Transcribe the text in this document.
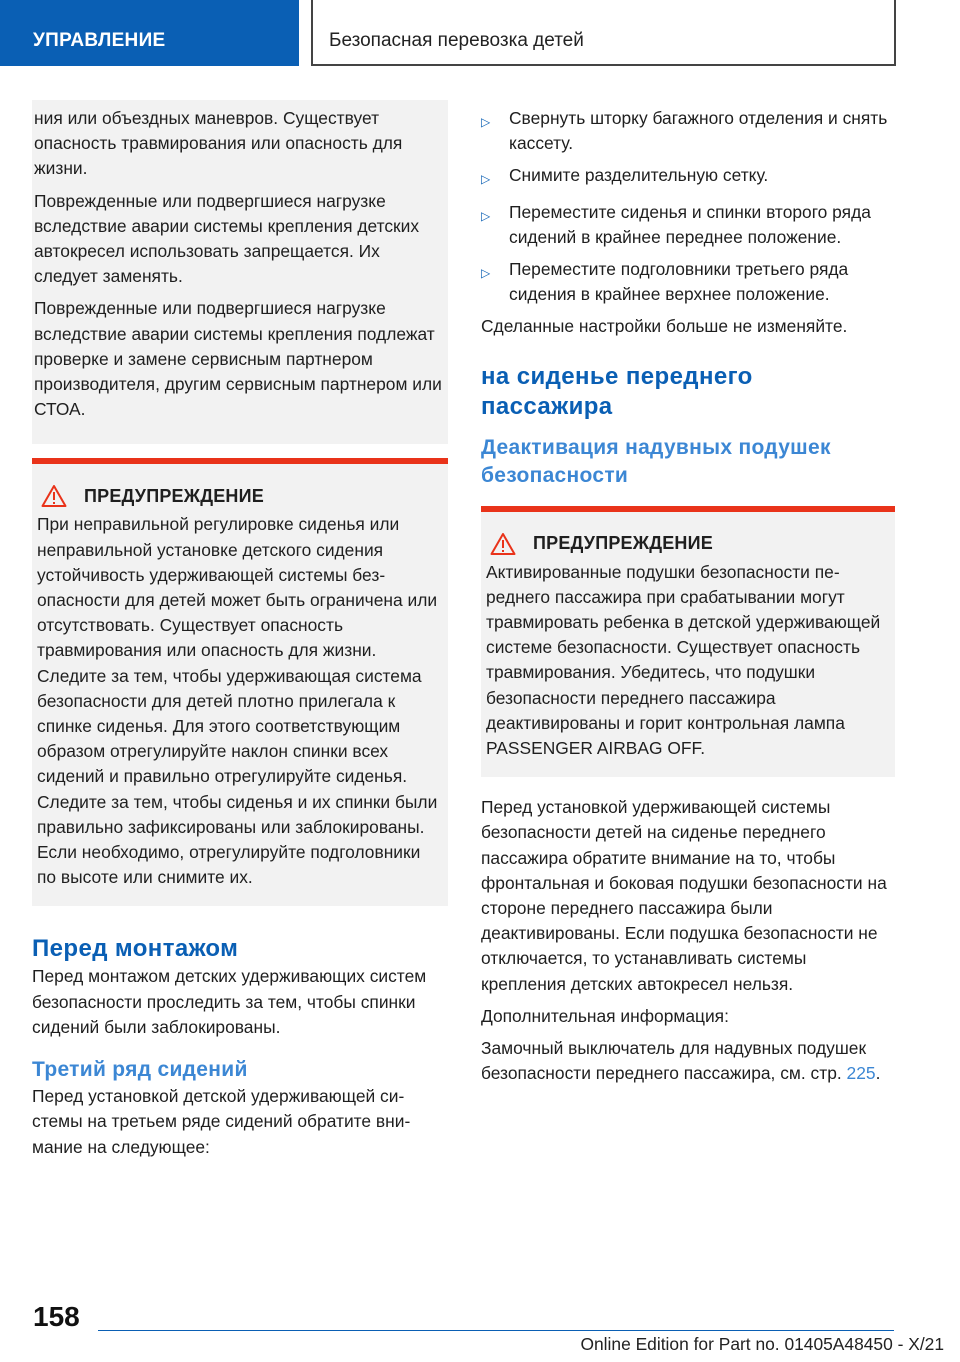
УПРАВЛЕНИЕ	Безопасная перевозка детей

ния или объездных маневров. Существует опасность травмирования или опасность для жизни.

Поврежденные или подвергшиеся нагрузке вследствие аварии системы крепления детских автокресел использовать запрещается. Их следует заменять.

Поврежденные или подвергшиеся нагрузке вследствие аварии системы крепления подлежат проверке и замене сервисным партнером производителя, другим сервисным партнером или СТОА.

ПРЕДУПРЕЖДЕНИЕ

При неправильной регулировке сиденья или неправильной установке детского сидения устойчивость удерживающей системы безопасности для детей может быть ограничена или отсутствовать. Существует опасность травмирования или опасность для жизни. Следите за тем, чтобы удерживающая система безопасности для детей плотно прилегала к спинке сиденья. Для этого соответствующим образом отрегулируйте наклон спинки всех сидений и правильно отрегулируйте сиденья. Следите за тем, чтобы сиденья и их спинки были правильно зафиксированы или заблокированы. Если необходимо, отрегулируйте подголовники по высоте или снимите их.

Перед монтажом

Перед монтажом детских удерживающих систем безопасности проследить за тем, чтобы спинки сидений были заблокированы.

Третий ряд сидений

Перед установкой детской удерживающей системы на третьем ряде сидений обратите внимание на следующее:

▷	Свернуть шторку багажного отделения и снять кассету.
▷	Снимите разделительную сетку.
▷	Переместите сиденья и спинки второго ряда сидений в крайнее переднее положение.
▷	Переместите подголовники третьего ряда сидения в крайнее верхнее положение.

Сделанные настройки больше не изменяйте.

на сиденье переднего пассажира
Деактивация надувных подушек безопасности
ПРЕДУПРЕЖДЕНИЕ

Активированные подушки безопасности переднего пассажира при срабатывании могут травмировать ребенка в детской удерживающей системе безопасности. Существует опасность травмирования. Убедитесь, что подушки безопасности переднего пассажира деактивированы и горит контрольная лампа PASSENGER AIRBAG OFF.

Перед установкой удерживающей системы безопасности детей на сиденье переднего пассажира обратите внимание на то, чтобы фронтальная и боковая подушки безопасности на стороне переднего пассажира были деактивированы. Если подушка безопасности не отключается, то устанавливать системы крепления детских автокресел нельзя.

Дополнительная информация:

Замочный выключатель для надувных подушек безопасности переднего пассажира, см. стр. 225.

158
Online Edition for Part no. 01405A48450 - X/21
